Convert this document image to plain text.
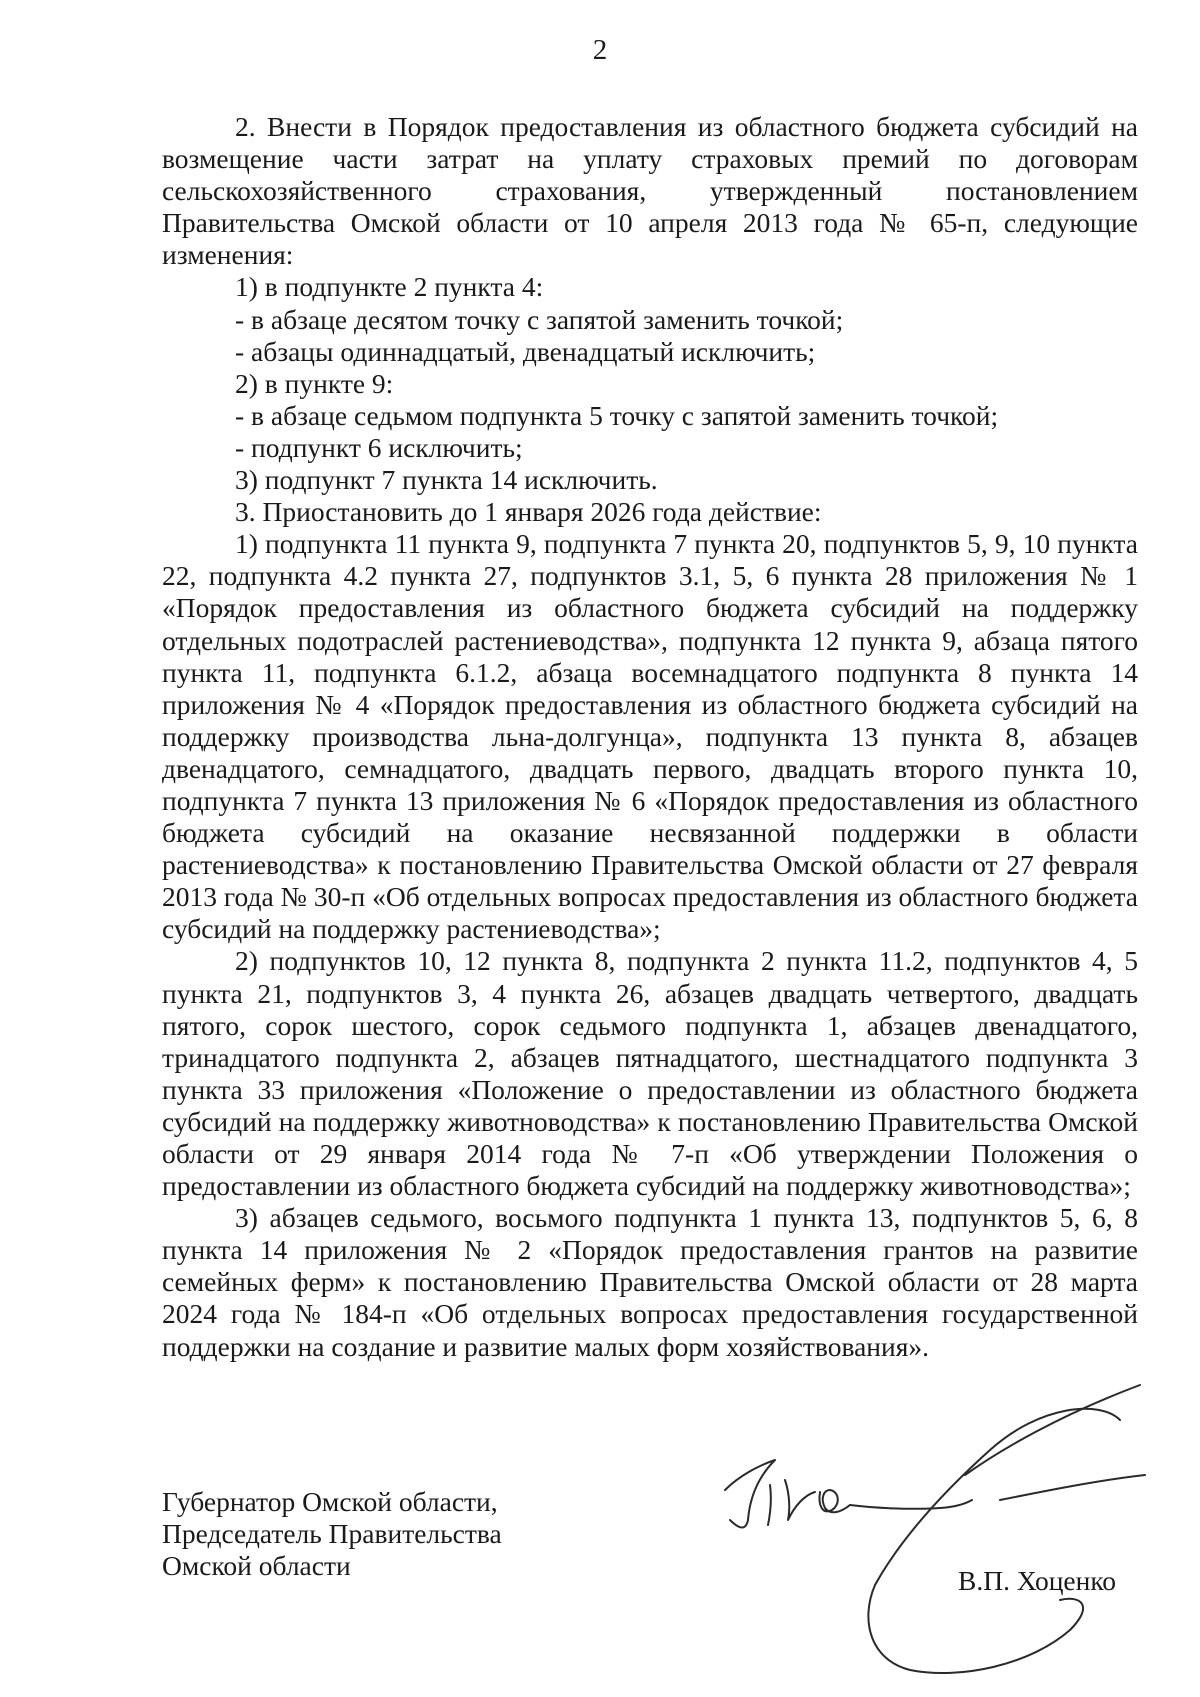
2

2. Внести в Порядок предоставления из областного бюджета субсидий на возмещение части затрат на уплату страховых премий по договорам сельскохозяйственного страхования, утвержденный постановлением Правительства Омской области от 10 апреля 2013 года № 65-п, следующие изменения:

1) в подпункте 2 пункта 4:

- в абзаце десятом точку с запятой заменить точкой;

- абзацы одиннадцатый, двенадцатый исключить;

2) в пункте 9:

- в абзаце седьмом подпункта 5 точку с запятой заменить точкой;

- подпункт 6 исключить;

3) подпункт 7 пункта 14 исключить.

3. Приостановить до 1 января 2026 года действие:

1) подпункта 11 пункта 9, подпункта 7 пункта 20, подпунктов 5, 9, 10 пункта 22, подпункта 4.2 пункта 27, подпунктов 3.1, 5, 6 пункта 28 приложения № 1 «Порядок предоставления из областного бюджета субсидий на поддержку отдельных подотраслей растениеводства», подпункта 12 пункта 9, абзаца пятого пункта 11, подпункта 6.1.2, абзаца восемнадцатого подпункта 8 пункта 14 приложения № 4 «Порядок предоставления из областного бюджета субсидий на поддержку производства льна-долгунца», подпункта 13 пункта 8, абзацев двенадцатого, семнадцатого, двадцать первого, двадцать второго пункта 10, подпункта 7 пункта 13 приложения № 6 «Порядок предоставления из областного бюджета субсидий на оказание несвязанной поддержки в области растениеводства» к постановлению Правительства Омской области от 27 февраля 2013 года № 30-п «Об отдельных вопросах предоставления из областного бюджета субсидий на поддержку растениеводства»;

2) подпунктов 10, 12 пункта 8, подпункта 2 пункта 11.2, подпунктов 4, 5 пункта 21, подпунктов 3, 4 пункта 26, абзацев двадцать четвертого, двадцать пятого, сорок шестого, сорок седьмого подпункта 1, абзацев двенадцатого, тринадцатого подпункта 2, абзацев пятнадцатого, шестнадцатого подпункта 3 пункта 33 приложения «Положение о предоставлении из областного бюджета субсидий на поддержку животноводства» к постановлению Правительства Омской области от 29 января 2014 года № 7-п «Об утверждении Положения о предоставлении из областного бюджета субсидий на поддержку животноводства»;

3) абзацев седьмого, восьмого подпункта 1 пункта 13, подпунктов 5, 6, 8 пункта 14 приложения № 2 «Порядок предоставления грантов на развитие семейных ферм» к постановлению Правительства Омской области от 28 марта 2024 года № 184-п «Об отдельных вопросах предоставления государственной поддержки на создание и развитие малых форм хозяйствования».

Губернатор Омской области,
Председатель Правительства
Омской области	В.П. Хоценко
